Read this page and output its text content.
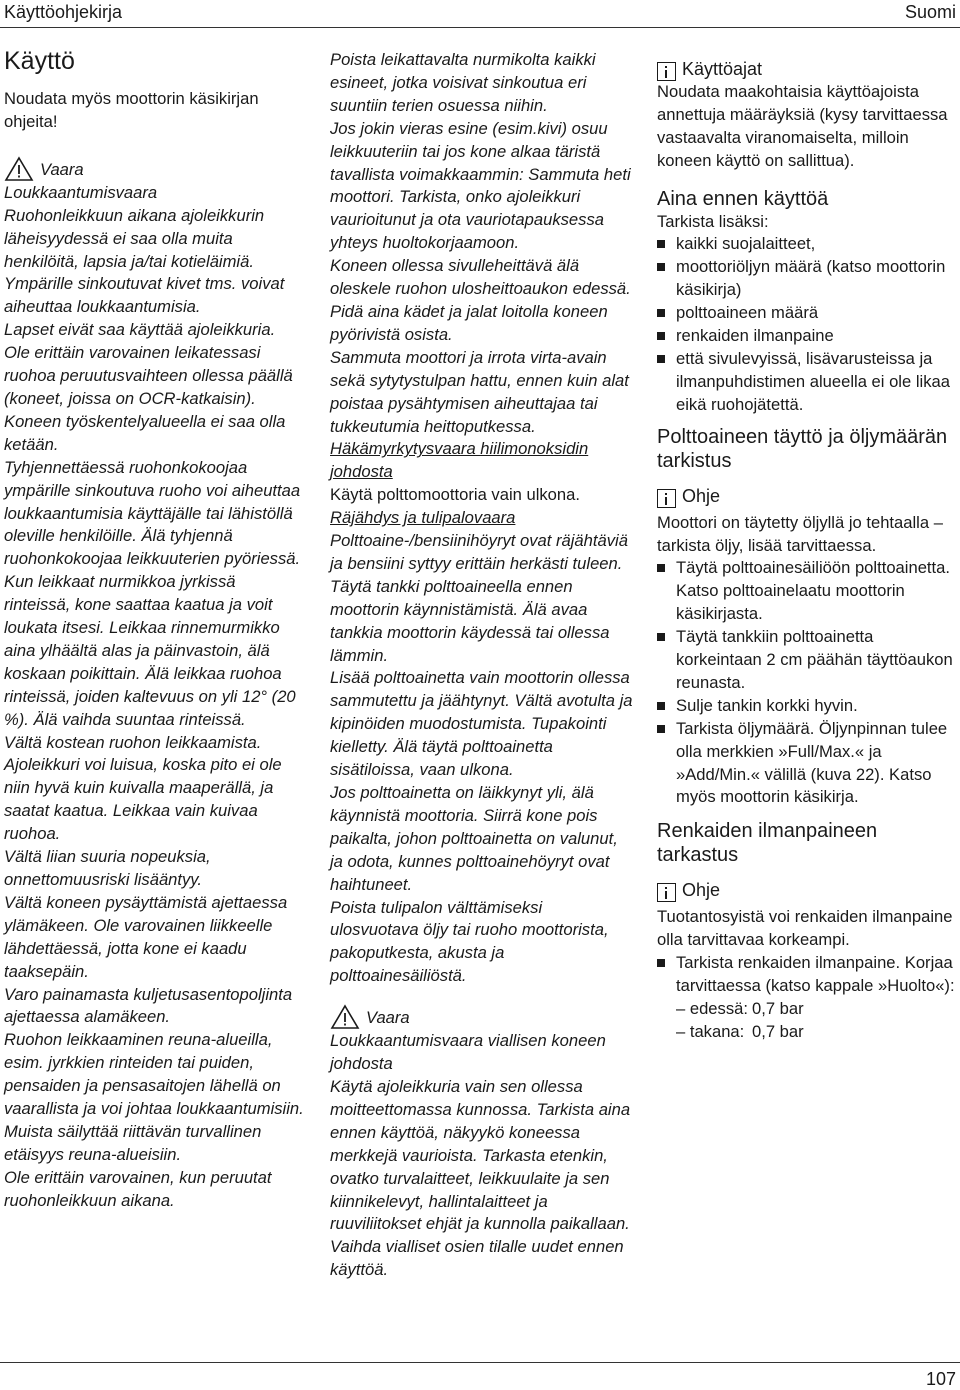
Käyttöohjekirja	Suomi

Käyttö

Noudata myös moottorin käsikirjan ohjeita!

Vaara

Loukkaantumisvaara

Ruohonleikkuun aikana ajoleikkurin läheisyydessä ei saa olla muita henkilöitä, lapsia ja/tai kotieläimiä. Ympärille sinkoutuvat kivet tms. voivat aiheuttaa loukkaantumisia.

Lapset eivät saa käyttää ajoleikkuria.

Ole erittäin varovainen leikatessasi ruohoa peruutusvaihteen ollessa päällä (koneet, joissa on OCR-katkaisin). Koneen työskentelyalueella ei saa olla ketään.

Tyhjennettäessä ruohonkokoojaa ympärille sinkoutuva ruoho voi aiheuttaa loukkaantumisia käyttäjälle tai lähistöllä oleville henkilöille. Älä tyhjennä ruohonkokoojaa leikkuuterien pyöriessä.

Kun leikkaat nurmikkoa jyrkissä rinteissä, kone saattaa kaatua ja voit loukata itsesi. Leikkaa rinnemurmikko aina ylhäältä alas ja päinvastoin, älä koskaan poikittain. Älä leikkaa ruohoa rinteissä, joiden kaltevuus on yli 12° (20 %). Älä vaihda suuntaa rinteissä.

Vältä kostean ruohon leikkaamista. Ajoleikkuri voi luisua, koska pito ei ole niin hyvä kuin kuivalla maaperällä, ja saatat kaatua. Leikkaa vain kuivaa ruohoa.

Vältä liian suuria nopeuksia, onnettomuusriski lisääntyy.

Vältä koneen pysäyttämistä ajettaessa ylämäkeen. Ole varovainen liikkeelle lähdettäessä, jotta kone ei kaadu taaksepäin.

Varo painamasta kuljetusasentopoljinta ajettaessa alamäkeen.

Ruohon leikkaaminen reuna-alueilla, esim. jyrkkien rinteiden tai puiden, pensaiden ja pensasaitojen lähellä on vaarallista ja voi johtaa loukkaantumisiin. Muista säilyttää riittävän turvallinen etäisyys reuna-alueisiin.

Ole erittäin varovainen, kun peruutat ruohonleikkuun aikana.

Poista leikattavalta nurmikolta kaikki esineet, jotka voisivat sinkoutua eri suuntiin terien osuessa niihin.

Jos jokin vieras esine (esim.kivi) osuu leikkuuteriin tai jos kone alkaa täristä tavallista voimakkaammin: Sammuta heti moottori. Tarkista, onko ajoleikkuri vaurioitunut ja ota vauriotapauksessa yhteys huoltokorjaamoon.

Koneen ollessa sivulleheittävä älä oleskele ruohon ulosheittoaukon edessä.

Pidä aina kädet ja jalat loitolla koneen pyörivistä osista.

Sammuta moottori ja irrota virta-avain sekä sytytystulpan hattu, ennen kuin alat poistaa pysähtymisen aiheuttajaa tai tukkeutumia heittoputkessa.

Häkämyrkytysvaara hiilimonoksidin johdosta

Käytä polttomoottoria vain ulkona.

Räjähdys ja tulipalovaara

Polttoaine-/bensiinihöyryt ovat räjähtäviä ja bensiini syttyy erittäin herkästi tuleen.

Täytä tankki polttoaineella ennen moottorin käynnistämistä. Älä avaa tankkia moottorin käydessä tai ollessa lämmin.

Lisää polttoainetta vain moottorin ollessa sammutettu ja jäähtynyt. Vältä avotulta ja kipinöiden muodostumista. Tupakointi kielletty. Älä täytä polttoainetta sisätiloissa, vaan ulkona.

Jos polttoainetta on läikkynyt yli, älä käynnistä moottoria. Siirrä kone pois paikalta, johon polttoainetta on valunut, ja odota, kunnes polttoainehöyryt ovat haihtuneet.

Poista tulipalon välttämiseksi ulosvuotava öljy tai ruoho moottorista, pakoputkesta, akusta ja polttoainesäiliöstä.

Vaara

Loukkaantumisvaara viallisen koneen johdosta

Käytä ajoleikkuria vain sen ollessa moitteettomassa kunnossa. Tarkista aina ennen käyttöä, näkyykö koneessa merkkejä vaurioista. Tarkasta etenkin, ovatko turvalaitteet, leikkuulaite ja sen kiinnikelevyt, hallintalaitteet ja ruuviliitokset ehjät ja kunnolla paikallaan. Vaihda vialliset osien tilalle uudet ennen käyttöä.

Käyttöajat

Noudata maakohtaisia käyttöajoista annettuja määräyksiä (kysy tarvittaessa vastaavalta viranomaiselta, milloin koneen käyttö on sallittua).

Aina ennen käyttöä

Tarkista lisäksi:

kaikki suojalaitteet,
moottoriöljyn määrä (katso moottorin käsikirja)
polttoaineen määrä
renkaiden ilmanpaine
että sivulevyissä, lisävarusteissa ja ilmanpuhdistimen alueella ei ole likaa eikä ruohojätettä.

Polttoaineen täyttö ja öljymäärän tarkistus

Ohje

Moottori on täytetty öljyllä jo tehtaalla – tarkista öljy, lisää tarvittaessa.

Täytä polttoainesäiliöön polttoainetta. Katso polttoainelaatu moottorin käsikirjasta.
Täytä tankkiin polttoainetta korkeintaan 2 cm päähän täyttöaukon reunasta.
Sulje tankin korkki hyvin.
Tarkista öljymäärä. Öljynpinnan tulee olla merkkien »Full/Max.« ja »Add/Min.« välillä (kuva 22). Katso myös moottorin käsikirja.

Renkaiden ilmanpaineen tarkastus

Ohje

Tuotantosyistä voi renkaiden ilmanpaine olla tarvittavaa korkeampi.

Tarkista renkaiden ilmanpaine. Korjaa tarvittaessa (katso kappale »Huolto«):

– edessä: 0,7 bar

– takana: 0,7 bar

107
